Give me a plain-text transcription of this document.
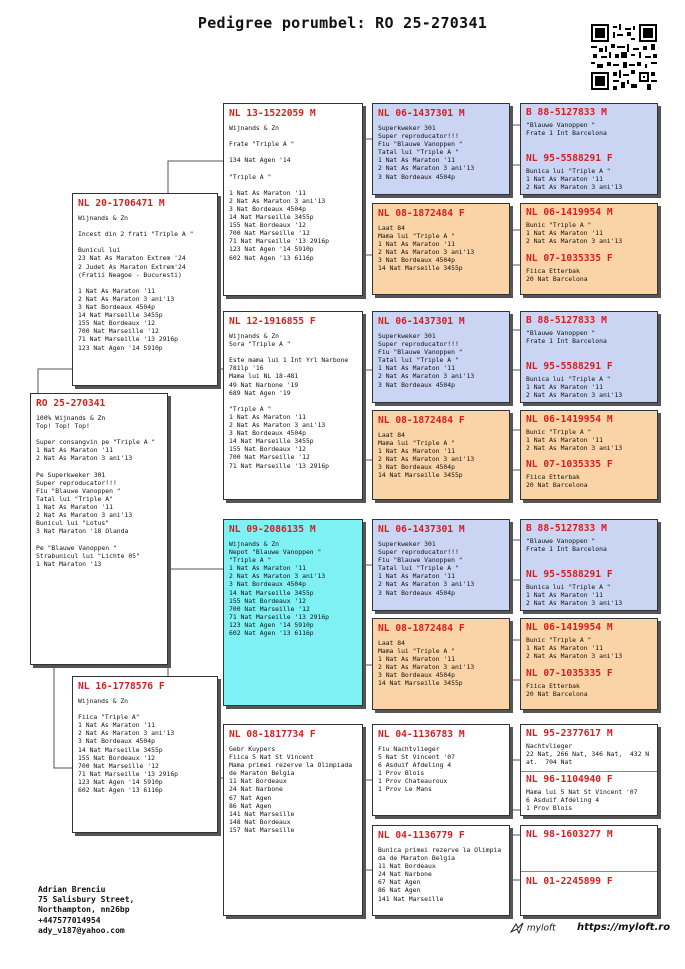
Pedigree porumbel: RO 25-270341
RO 25-270341
100% Wijnands & Zn
Top! Top! Top!

Super consangvin pe "Triple A "
1 Nat As Maraton '11
2 Nat As Maraton 3 ani'13

Pe Superkweker 301
Super reproducator!!!
Fiu "Blauwe Vanoppen "
Tatal lui "Triple A"
1 Nat As Maraton '11
2 Nat As Maraton 3 ani'13
Bunicul lui "Lotus"
3 Nat Maraton '18 Olanda

Pe "Blauwe Vanoppen "
Strabunicul lui "Lichte 05"
1 Nat Maraton '13
NL 20-1706471 M
Wijnands & Zn

Incest din 2 frati "Triple A "

Bunicul lui
23 Nat As Maraton Extrem '24
2 Judet As Maraton Extrem'24
(Fratii Neagoe - Bucuresti)

1 Nat As Maraton '11
2 Nat As Maraton 3 ani'13
3 Nat Bordeaux 4504p
14 Nat Marseille 3455p
155 Nat Bordeaux '12
700 Nat Marseille '12
71 Nat Marseille '13 2916p
123 Nat Agen '14 5910p
NL 16-1778576 F
Wijnands & Zn

Fiica "Triple A"
1 Nat As Maraton '11
2 Nat As Maraton 3 ani'13
3 Nat Bordeaux 4504p
14 Nat Marseille 3455p
155 Nat Bordeaux '12
700 Nat Marseille '12
71 Nat Marseille '13 2916p
123 Nat Agen '14 5910p
602 Nat Agen '13 6116p
NL 13-1522059 M
Wijnands & Zn

Frate "Triple A "

134 Nat Agen '14

"Triple A "

1 Nat As Maraton '11
2 Nat As Maraton 3 ani'13
3 Nat Bordeaux 4504p
14 Nat Marseille 3455p
155 Nat Bordeaux '12
700 Nat Marseille '12
71 Nat Marseille '13 2916p
123 Nat Agen '14 5910p
602 Nat Agen '13 6116p
NL 12-1916855 F
Wijnands & Zn
Sora "Triple A "

Este mama lui 1 Int Yrl Narbone
781lp '16
Mama lui NL 18-481
49 Nat Narbone '19
689 Nat Agen '19

"Triple A "
1 Nat As Maraton '11
2 Nat As Maraton 3 ani'13
3 Nat Bordeaux 4504p
14 Nat Marseille 3455p
155 Nat Bordeaux '12
700 Nat Marseille '12
71 Nat Marseille '13 2916p
NL 09-2086135 M
Wijnands & Zn
Nepot "Blauwe Vanoppen "
"Triple A "
1 Nat As Maraton '11
2 Nat As Maraton 3 ani'13
3 Nat Bordeaux 4504p
14 Nat Marseille 3455p
155 Nat Bordeaux '12
700 Nat Marseille '12
71 Nat Marseille '13 2916p
123 Nat Agen '14 5910p
602 Nat Agen '13 6116p
NL 08-1817734 F
Gebr Kuypers
Fiica 5 Nat St Vincent
Mama primei rezerve la Olimpiada
de Maraton Belgia
11 Nat Bordeaux
24 Nat Narbone
67 Nat Agen
86 Nat Agen
141 Nat Marseille
148 Nat Bordeaux
157 Nat Marseille
NL 06-1437301 M
Superkweker 301
Super reproducator!!!
Fiu "Blauwe Vanoppen "
Tatal lui "Triple A "
1 Nat As Maraton '11
2 Nat As Maraton 3 ani'13
3 Nat Bordeaux 4504p
NL 08-1872484 F
Laat 84
Mama lui "Triple A "
1 Nat As Maraton '11
2 Nat As Maraton 3 ani'13
3 Nat Bordeaux 4504p
14 Nat Marseille 3455p
NL 06-1437301 M
Superkweker 301
Super reproducator!!!
Fiu "Blauwe Vanoppen "
Tatal lui "Triple A "
1 Nat As Maraton '11
2 Nat As Maraton 3 ani'13
3 Nat Bordeaux 4504p
NL 08-1872484 F
Laat 84
Mama lui "Triple A "
1 Nat As Maraton '11
2 Nat As Maraton 3 ani'13
3 Nat Bordeaux 4504p
14 Nat Marseille 3455p
NL 06-1437301 M
Superkweker 301
Super reproducator!!!
Fiu "Blauwe Vanoppen "
Tatal lui "Triple A "
1 Nat As Maraton '11
2 Nat As Maraton 3 ani'13
3 Nat Bordeaux 4504p
NL 08-1872484 F
Laat 84
Mama lui "Triple A "
1 Nat As Maraton '11
2 Nat As Maraton 3 ani'13
3 Nat Bordeaux 4504p
14 Nat Marseille 3455p
NL 04-1136783 M
Fiu Nachtvlieger
5 Nat St Vincent '07
6 Asduif Afdeling 4
1 Prov Blois
1 Prov Chateauroux
1 Prov Le Mans
NL 04-1136779 F
Bunica primei rezerve la Olimpia
da de Maraton Belgia
11 Nat Bordeaux
24 Nat Narbone
67 Nat Agen
86 Nat Agen
141 Nat Marseille
B 88-5127833 M
"Blauwe Vanoppen "
Frate 1 Int Barcelona
NL 95-5588291 F
Bunica lui "Triple A "
1 Nat As Maraton '11
2 Nat As Maraton 3 ani'13
NL 06-1419954 M
Bunic "Triple A "
1 Nat As Maraton '11
2 Nat As Maraton 3 ani'13
NL 07-1035335 F
Fiica Etterbak
20 Nat Barcelona
B 88-5127833 M
"Blauwe Vanoppen "
Frate 1 Int Barcelona
NL 95-5588291 F
Bunica lui "Triple A "
1 Nat As Maraton '11
2 Nat As Maraton 3 ani'13
NL 06-1419954 M
Bunic "Triple A "
1 Nat As Maraton '11
2 Nat As Maraton 3 ani'13
NL 07-1035335 F
Fiica Etterbak
20 Nat Barcelona
B 88-5127833 M
"Blauwe Vanoppen "
Frate 1 Int Barcelona
NL 95-5588291 F
Bunica lui "Triple A "
1 Nat As Maraton '11
2 Nat As Maraton 3 ani'13
NL 06-1419954 M
Bunic "Triple A "
1 Nat As Maraton '11
2 Nat As Maraton 3 ani'13
NL 07-1035335 F
Fiica Etterbak
20 Nat Barcelona
NL 95-2377617 M
Nachtvlieger
22 Nat, 266 Nat, 346 Nat,  432 N
at.  704 Nat
NL 96-1104940 F
Mama lui 5 Nat St Vincent '07
6 Asduif Afdeling 4
1 Prov Blois
NL 98-1603277 M
NL 01-2245899 F
Adrian Brenciu
75 Salisbury Street,
Northampton, nn26bp
+447577014954
ady_v187@yahoo.com	myloft https://myloft.ro
